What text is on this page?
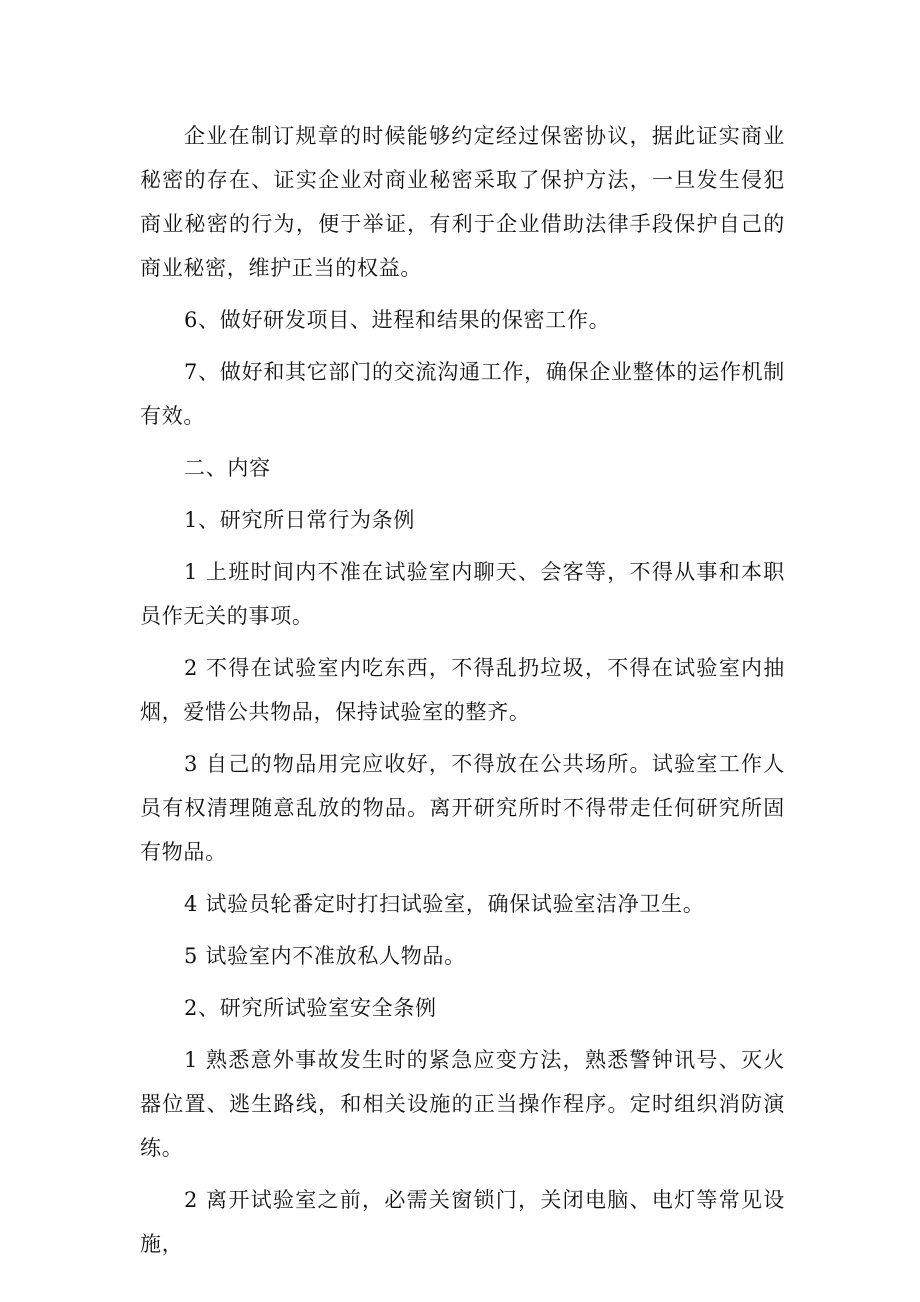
企业在制订规章的时候能够约定经过保密协议，据此证实商业秘密的存在、证实企业对商业秘密采取了保护方法，一旦发生侵犯商业秘密的行为，便于举证，有利于企业借助法律手段保护自己的商业秘密，维护正当的权益。

6、做好研发项目、进程和结果的保密工作。

7、做好和其它部门的交流沟通工作，确保企业整体的运作机制有效。

二、内容

1、研究所日常行为条例

1 上班时间内不准在试验室内聊天、会客等，不得从事和本职员作无关的事项。

2 不得在试验室内吃东西，不得乱扔垃圾，不得在试验室内抽烟，爱惜公共物品，保持试验室的整齐。

3 自己的物品用完应收好，不得放在公共场所。试验室工作人员有权清理随意乱放的物品。离开研究所时不得带走任何研究所固有物品。

4 试验员轮番定时打扫试验室，确保试验室洁净卫生。

5 试验室内不准放私人物品。

2、研究所试验室安全条例

1 熟悉意外事故发生时的紧急应变方法，熟悉警钟讯号、灭火器位置、逃生路线，和相关设施的正当操作程序。定时组织消防演练。

2 离开试验室之前，必需关窗锁门，关闭电脑、电灯等常见设施，
